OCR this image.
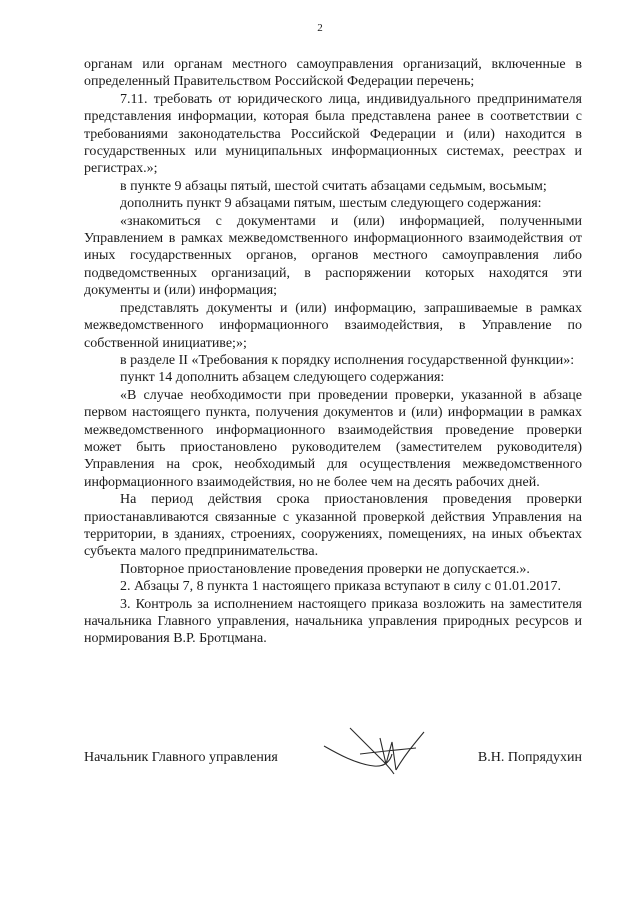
2

органам или органам местного самоуправления организаций, включенные в определенный Правительством Российской Федерации перечень;

7.11. требовать от юридического лица, индивидуального предпринимателя представления информации, которая была представлена ранее в соответствии с требованиями законодательства Российской Федерации и (или) находится в государственных или муниципальных информационных системах, реестрах и регистрах.»;

в пункте 9 абзацы пятый, шестой считать абзацами седьмым, восьмым;

дополнить пункт 9 абзацами пятым, шестым следующего содержания:

«знакомиться с документами и (или) информацией, полученными Управлением в рамках межведомственного информационного взаимодействия от иных государственных органов, органов местного самоуправления либо подведомственных организаций, в распоряжении которых находятся эти документы и (или) информация;

представлять документы и (или) информацию, запрашиваемые в рамках межведомственного информационного взаимодействия, в Управление по собственной инициативе;»;

в разделе II «Требования к порядку исполнения государственной функции»:

пункт 14 дополнить абзацем следующего содержания:

«В случае необходимости при проведении проверки, указанной в абзаце первом настоящего пункта, получения документов и (или) информации в рамках межведомственного информационного взаимодействия проведение проверки может быть приостановлено руководителем (заместителем руководителя) Управления на срок, необходимый для осуществления межведомственного информационного взаимодействия, но не более чем на десять рабочих дней.

На период действия срока приостановления проведения проверки приостанавливаются связанные с указанной проверкой действия Управления на территории, в зданиях, строениях, сооружениях, помещениях, на иных объектах субъекта малого предпринимательства.

Повторное приостановление проведения проверки не допускается.».

2. Абзацы 7, 8 пункта 1 настоящего приказа вступают в силу с 01.01.2017.

3. Контроль за исполнением настоящего приказа возложить на заместителя начальника Главного управления, начальника управления природных ресурсов и нормирования В.Р. Бротцмана.

Начальник Главного управления	В.Н. Попрядухин
